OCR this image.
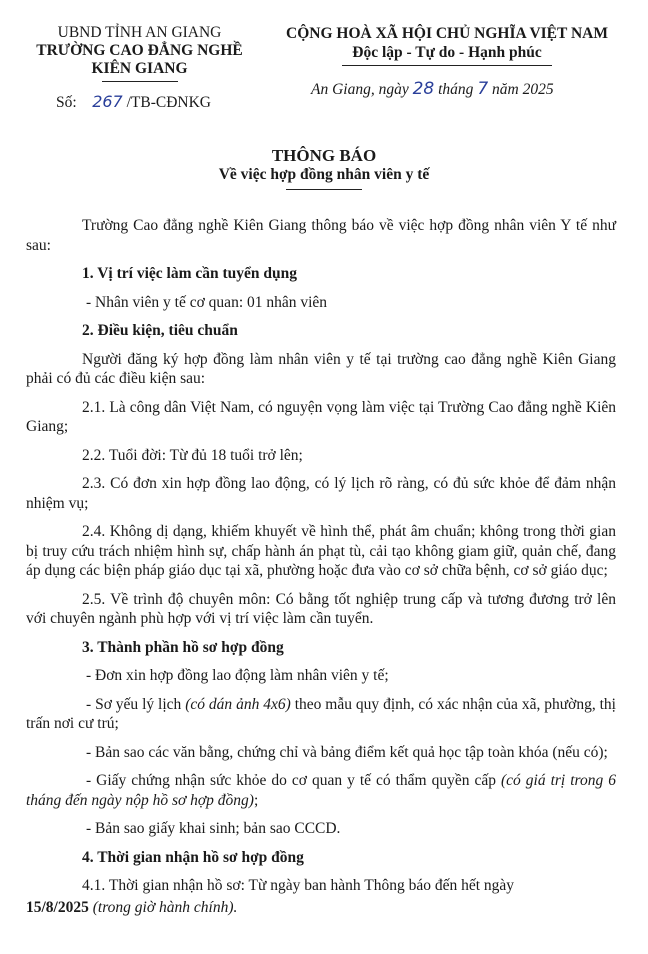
UBND TỈNH AN GIANG
TRƯỜNG CAO ĐẲNG NGHỀ
KIÊN GIANG
CỘNG HOÀ XÃ HỘI CHỦ NGHĨA VIỆT NAM
Độc lập - Tự do - Hạnh phúc
Số: 267 /TB-CĐNKG
An Giang, ngày 28 tháng 7 năm 2025
THÔNG BÁO
Về việc hợp đồng nhân viên y tế

Trường Cao đẳng nghề Kiên Giang thông báo về việc hợp đồng nhân viên Y tế như sau:

1. Vị trí việc làm cần tuyển dụng

- Nhân viên y tế cơ quan: 01 nhân viên

2. Điều kiện, tiêu chuẩn

Người đăng ký hợp đồng làm nhân viên y tế tại trường cao đẳng nghề Kiên Giang phải có đủ các điều kiện sau:

2.1. Là công dân Việt Nam, có nguyện vọng làm việc tại Trường Cao đẳng nghề Kiên Giang;

2.2. Tuổi đời: Từ đủ 18 tuổi trở lên;

2.3. Có đơn xin hợp đồng lao động, có lý lịch rõ ràng, có đủ sức khỏe để đảm nhận nhiệm vụ;

2.4. Không dị dạng, khiếm khuyết về hình thể, phát âm chuẩn; không trong thời gian bị truy cứu trách nhiệm hình sự, chấp hành án phạt tù, cải tạo không giam giữ, quản chế, đang áp dụng các biện pháp giáo dục tại xã, phường hoặc đưa vào cơ sở chữa bệnh, cơ sở giáo dục;

2.5. Về trình độ chuyên môn: Có bằng tốt nghiệp trung cấp và tương đương trở lên với chuyên ngành phù hợp với vị trí việc làm cần tuyển.

3. Thành phần hồ sơ hợp đồng

- Đơn xin hợp đồng lao động làm nhân viên y tế;

- Sơ yếu lý lịch (có dán ảnh 4x6) theo mẫu quy định, có xác nhận của xã, phường, thị trấn nơi cư trú;

- Bản sao các văn bằng, chứng chỉ và bảng điểm kết quả học tập toàn khóa (nếu có);

- Giấy chứng nhận sức khỏe do cơ quan y tế có thẩm quyền cấp (có giá trị trong 6 tháng đến ngày nộp hồ sơ hợp đồng);

- Bản sao giấy khai sinh; bản sao CCCD.

4. Thời gian nhận hồ sơ hợp đồng

4.1. Thời gian nhận hồ sơ: Từ ngày ban hành Thông báo đến hết ngày

15/8/2025 (trong giờ hành chính).
